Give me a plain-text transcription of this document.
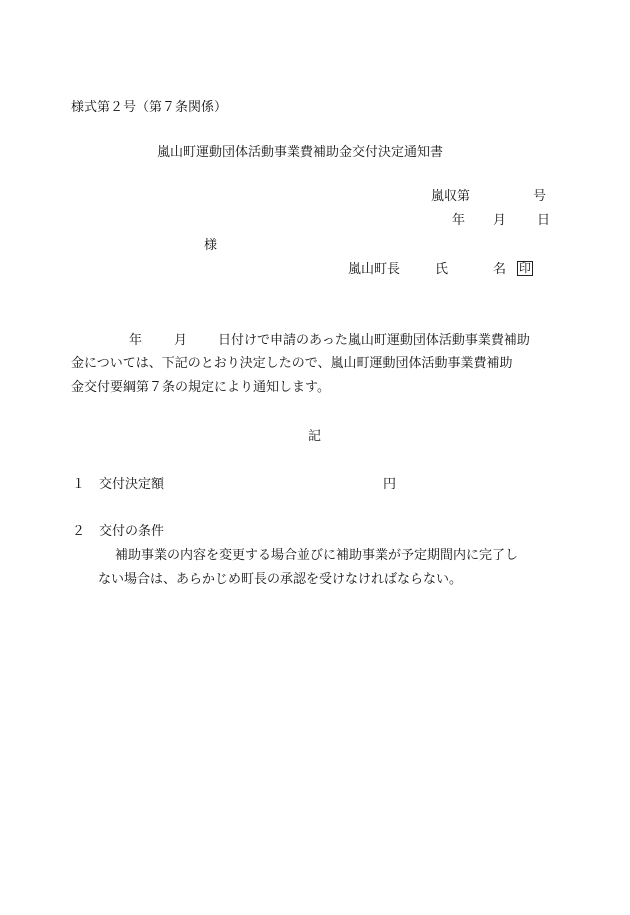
様式第２号（第７条関係）
嵐山町運動団体活動事業費補助金交付決定通知書
嵐収第	号
年 月 日
様
嵐山町長	氏	名 印
年 月 日付けで申請のあった嵐山町運動団体活動事業費補助
金については、下記のとおり決定したので、嵐山町運動団体活動事業費補助
金交付要綱第７条の規定により通知します。
記
１ 交付決定額	円
２ 交付の条件
補助事業の内容を変更する場合並びに補助事業が予定期間内に完了し
ない場合は、あらかじめ町長の承認を受けなければならない。
